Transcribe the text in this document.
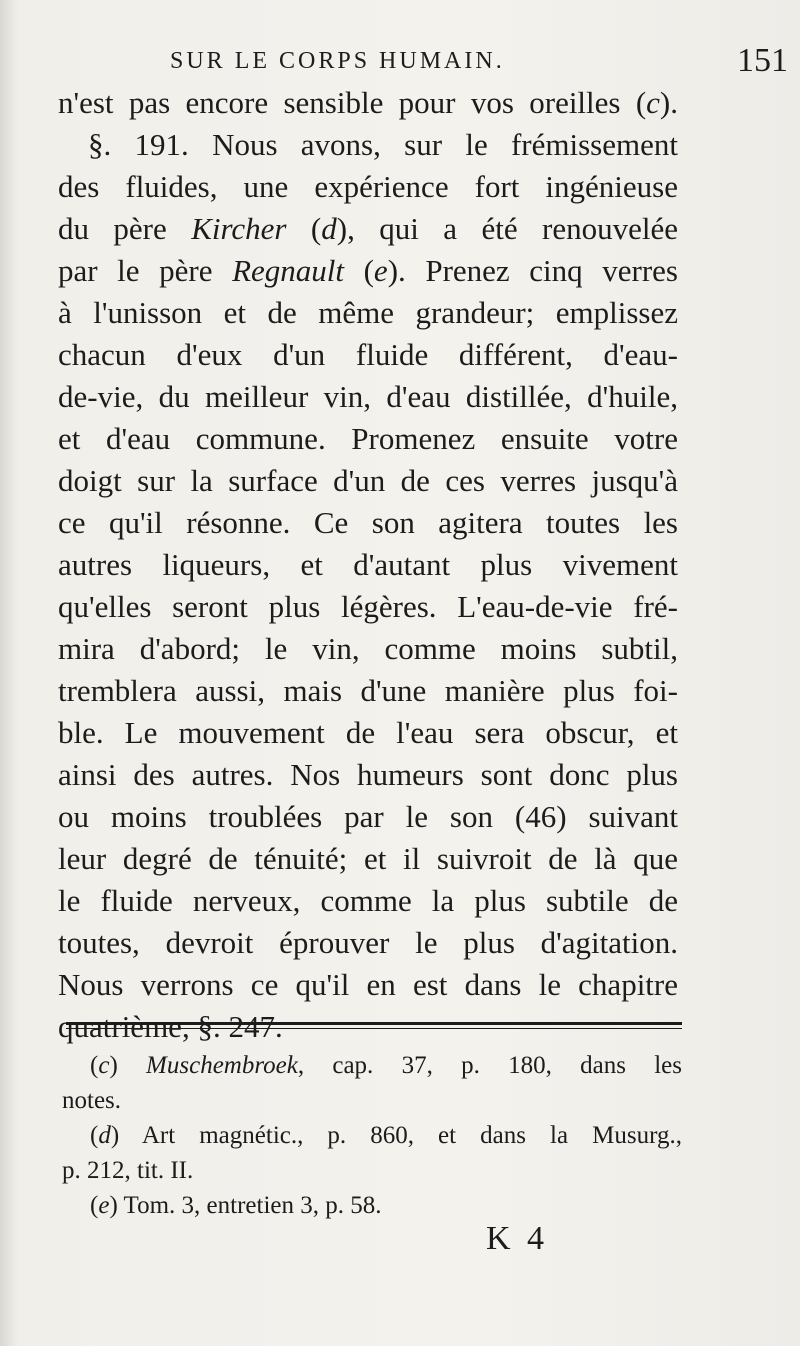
SUR LE CORPS HUMAIN.	151
n'est pas encore sensible pour vos oreilles (c).
§. 191. Nous avons, sur le frémissement
des fluides, une expérience fort ingénieuse
du père Kircher (d), qui a été renouvelée
par le père Regnault (e). Prenez cinq verres
à l'unisson et de même grandeur; emplissez
chacun d'eux d'un fluide différent, d'eau-
de-vie, du meilleur vin, d'eau distillée, d'huile,
et d'eau commune. Promenez ensuite votre
doigt sur la surface d'un de ces verres jusqu'à
ce qu'il résonne. Ce son agitera toutes les
autres liqueurs, et d'autant plus vivement
qu'elles seront plus légères. L'eau-de-vie fré-
mira d'abord; le vin, comme moins subtil,
tremblera aussi, mais d'une manière plus foi-
ble. Le mouvement de l'eau sera obscur, et
ainsi des autres. Nos humeurs sont donc plus
ou moins troublées par le son (46) suivant
leur degré de ténuité; et il suivroit de là que
le fluide nerveux, comme la plus subtile de
toutes, devroit éprouver le plus d'agitation.
Nous verrons ce qu'il en est dans le chapitre
quatrième, §. 247.
(c) Muschembroek, cap. 37, p. 180, dans les
notes.
(d) Art magnétic., p. 860, et dans la Musurg.,
p. 212, tit. II.
(e) Tom. 3, entretien 3, p. 58.
K 4
